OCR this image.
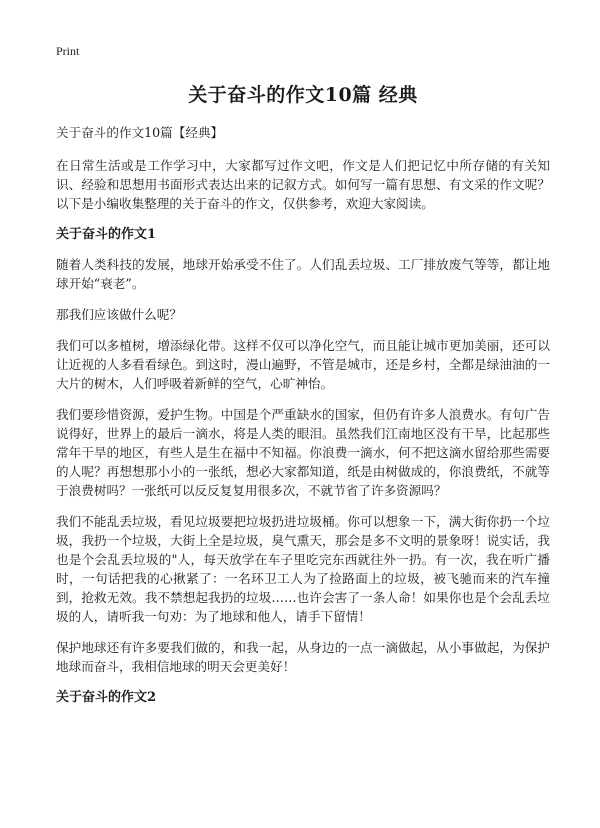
Print
关于奋斗的作文10篇 经典

关于奋斗的作文10篇【经典】

在日常生活或是工作学习中，大家都写过作文吧，作文是人们把记忆中所存储的有关知识、经验和思想用书面形式表达出来的记叙方式。如何写一篇有思想、有文采的作文呢？以下是小编收集整理的关于奋斗的作文，仅供参考，欢迎大家阅读。

关于奋斗的作文1

随着人类科技的发展，地球开始承受不住了。人们乱丢垃圾、工厂排放废气等等，都让地球开始“衰老”。

那我们应该做什么呢？

我们可以多植树，增添绿化带。这样不仅可以净化空气，而且能让城市更加美丽，还可以让近视的人多看看绿色。到这时，漫山遍野，不管是城市，还是乡村，全都是绿油油的一大片的树木，人们呼吸着新鲜的空气，心旷神怡。

我们要珍惜资源，爱护生物。中国是个严重缺水的国家，但仍有许多人浪费水。有句广告说得好，世界上的最后一滴水，将是人类的眼泪。虽然我们江南地区没有干旱，比起那些常年干旱的地区，有些人是生在福中不知福。你浪费一滴水，何不把这滴水留给那些需要的人呢？再想想那小小的一张纸，想必大家都知道，纸是由树做成的，你浪费纸，不就等于浪费树吗？一张纸可以反反复复用很多次，不就节省了许多资源吗？

我们不能乱丢垃圾，看见垃圾要把垃圾扔进垃圾桶。你可以想象一下，满大街你扔一个垃圾，我扔一个垃圾，大街上全是垃圾，臭气熏天，那会是多不文明的景象呀！说实话，我也是个会乱丢垃圾的"人，每天放学在车子里吃完东西就往外一扔。有一次，我在听广播时，一句话把我的心揪紧了：一名环卫工人为了捡路面上的垃圾，被飞驰而来的汽车撞到，抢救无效。我不禁想起我扔的垃圾……也许会害了一条人命！如果你也是个会乱丢垃圾的人，请听我一句劝：为了地球和他人，请手下留情！

保护地球还有许多要我们做的，和我一起，从身边的一点一滴做起，从小事做起，为保护地球而奋斗，我相信地球的明天会更美好！

关于奋斗的作文2
